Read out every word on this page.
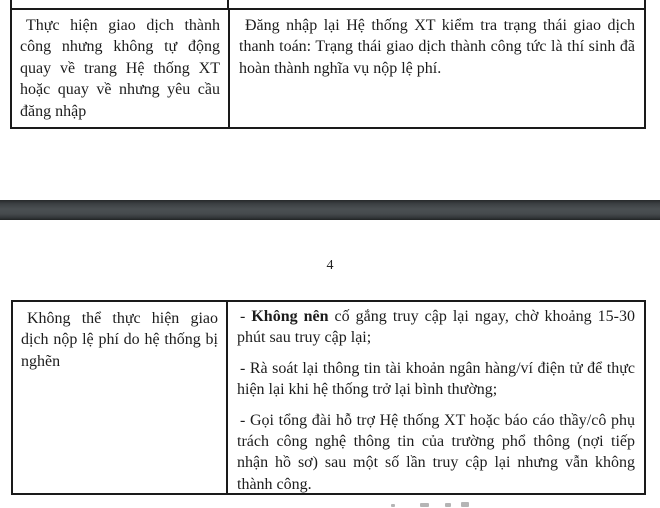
Thực hiện giao dịch thành công nhưng không tự động quay về trang Hệ thống XT hoặc quay về nhưng yêu cầu đăng nhập

Đăng nhập lại Hệ thống XT kiểm tra trạng thái giao dịch thanh toán: Trạng thái giao dịch thành công tức là thí sinh đã hoàn thành nghĩa vụ nộp lệ phí.

4

Không thể thực hiện giao dịch nộp lệ phí do hệ thống bị nghẽn

- Không nên cố gắng truy cập lại ngay, chờ khoảng 15-30 phút sau truy cập lại;

- Rà soát lại thông tin tài khoản ngân hàng/ví điện tử để thực hiện lại khi hệ thống trở lại bình thường;

- Gọi tổng đài hỗ trợ Hệ thống XT hoặc báo cáo thầy/cô phụ trách công nghệ thông tin của trường phổ thông (nợi tiếp nhận hồ sơ) sau một số lần truy cập lại nhưng vẫn không thành công.
